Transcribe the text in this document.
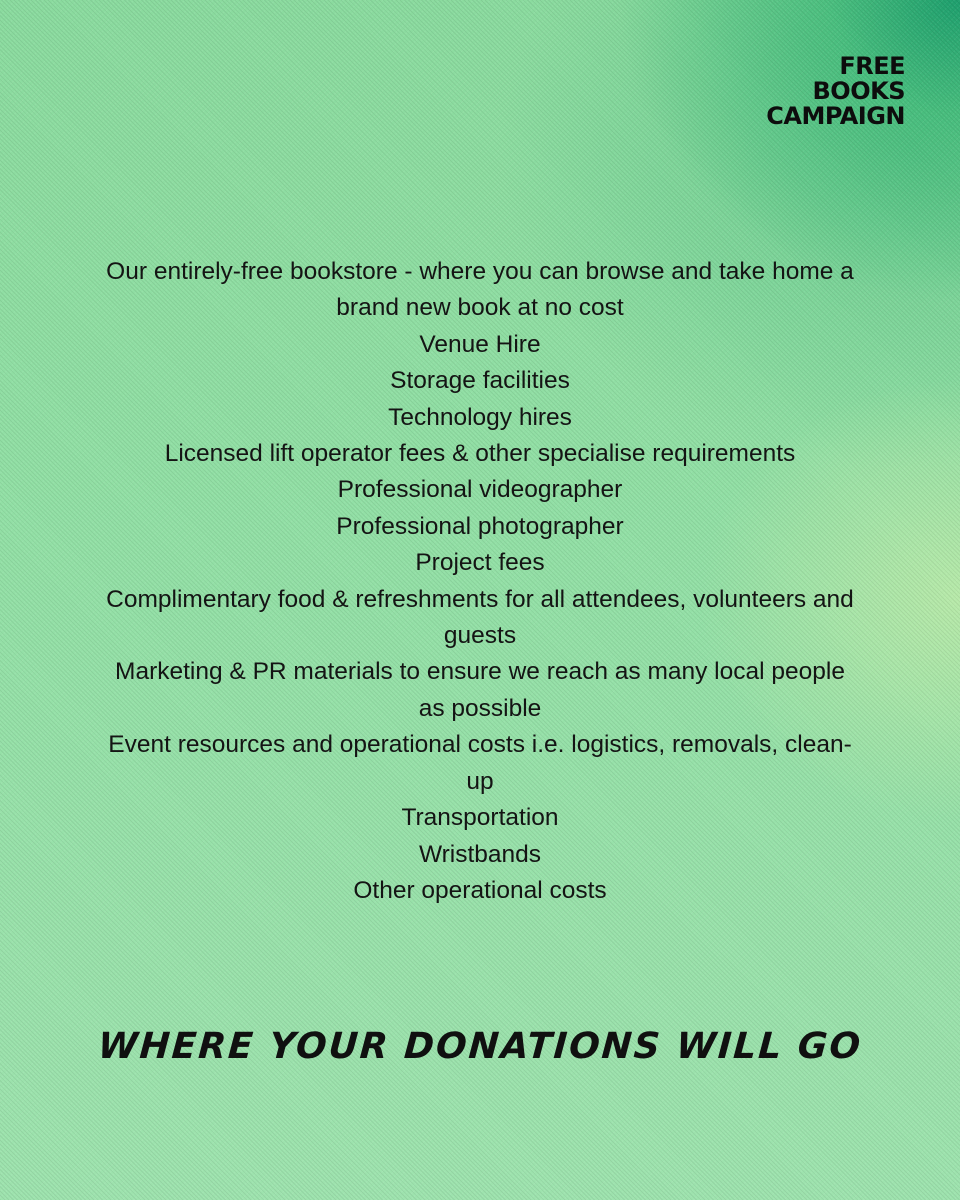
FREE
BOOKS
CAMPAIGN
Our entirely-free bookstore - where you can browse and take home a brand new book at no cost
Venue Hire
Storage facilities
Technology hires
Licensed lift operator fees & other specialise requirements
Professional videographer
Professional photographer
Project fees
Complimentary food & refreshments for all attendees, volunteers and guests
Marketing & PR materials to ensure we reach as many local people as possible
Event resources and operational costs i.e. logistics, removals, clean-up
Transportation
Wristbands
Other operational costs
WHERE YOUR DONATIONS WILL GO
